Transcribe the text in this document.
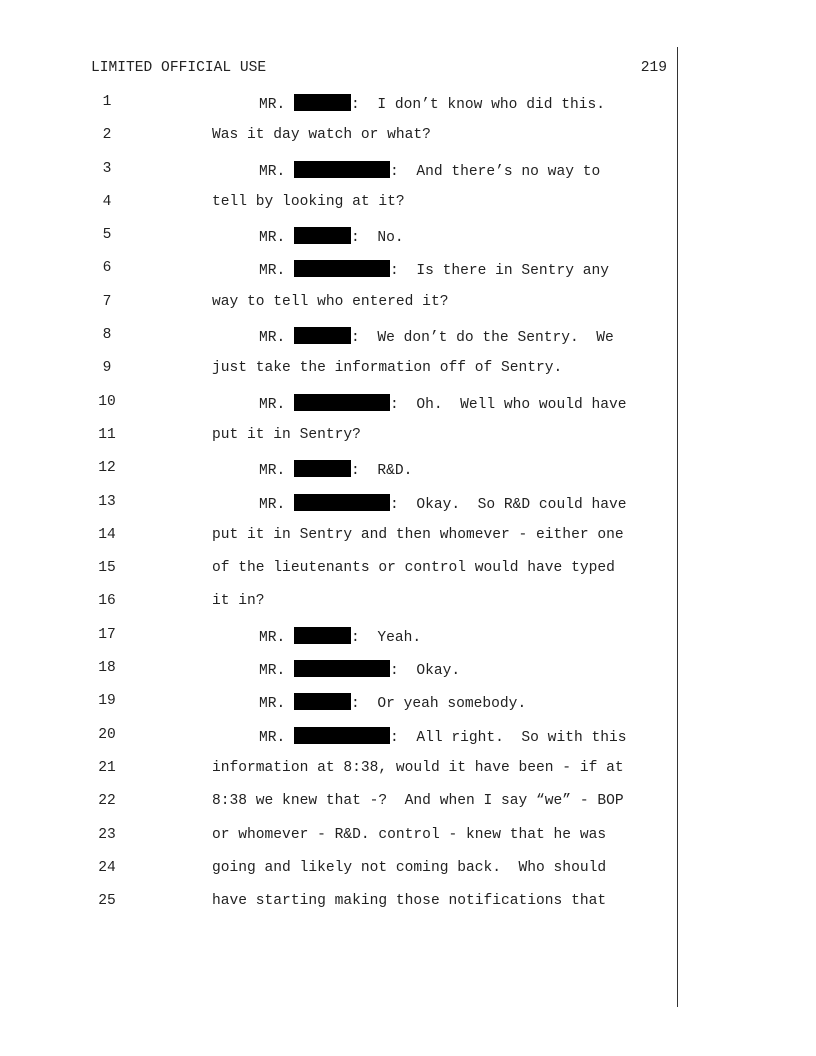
LIMITED OFFICIAL USE	219
1	MR.	:  I don’t know who did this.
2	Was it day watch or what?
3	MR.	:  And there’s no way to
4	tell by looking at it?
5	MR.	:  No.
6	MR.	:  Is there in Sentry any
7	way to tell who entered it?
8	MR.	:  We don’t do the Sentry.  We
9	just take the information off of Sentry.
10	MR.	:  Oh.  Well who would have
11	put it in Sentry?
12	MR.	:  R&D.
13	MR.	:  Okay.  So R&D could have
14	put it in Sentry and then whomever - either one
15	of the lieutenants or control would have typed
16	it in?
17	MR.	:  Yeah.
18	MR.	:  Okay.
19	MR.	:  Or yeah somebody.
20	MR.	:  All right.  So with this
21	information at 8:38, would it have been - if at
22	8:38 we knew that -?  And when I say “we” - BOP
23	or whomever - R&D. control - knew that he was
24	going and likely not coming back.  Who should
25	have starting making those notifications that
